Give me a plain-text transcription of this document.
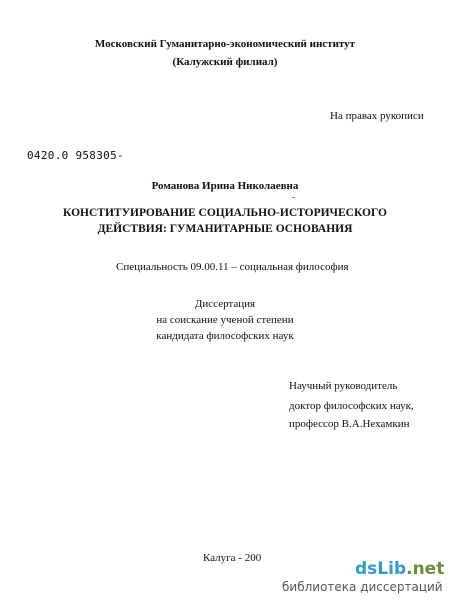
Московский Гуманитарно-экономический институт
(Калужский филиал)
На правах рукописи
0420.0 958305-
Романова Ирина Николаевна
КОНСТИТУИРОВАНИЕ СОЦИАЛЬНО-ИСТОРИЧЕСКОГО
ДЕЙСТВИЯ: ГУМАНИТАРНЫЕ ОСНОВАНИЯ
Специальность 09.00.11 – социальная философия
Диссертация
на соискание ученой степени
кандидата философских наук
Научный руководитель
доктор философских наук,
профессор В.А.Нехамкин
Калуга - 200
dsLib.net
библиотека диссертаций
